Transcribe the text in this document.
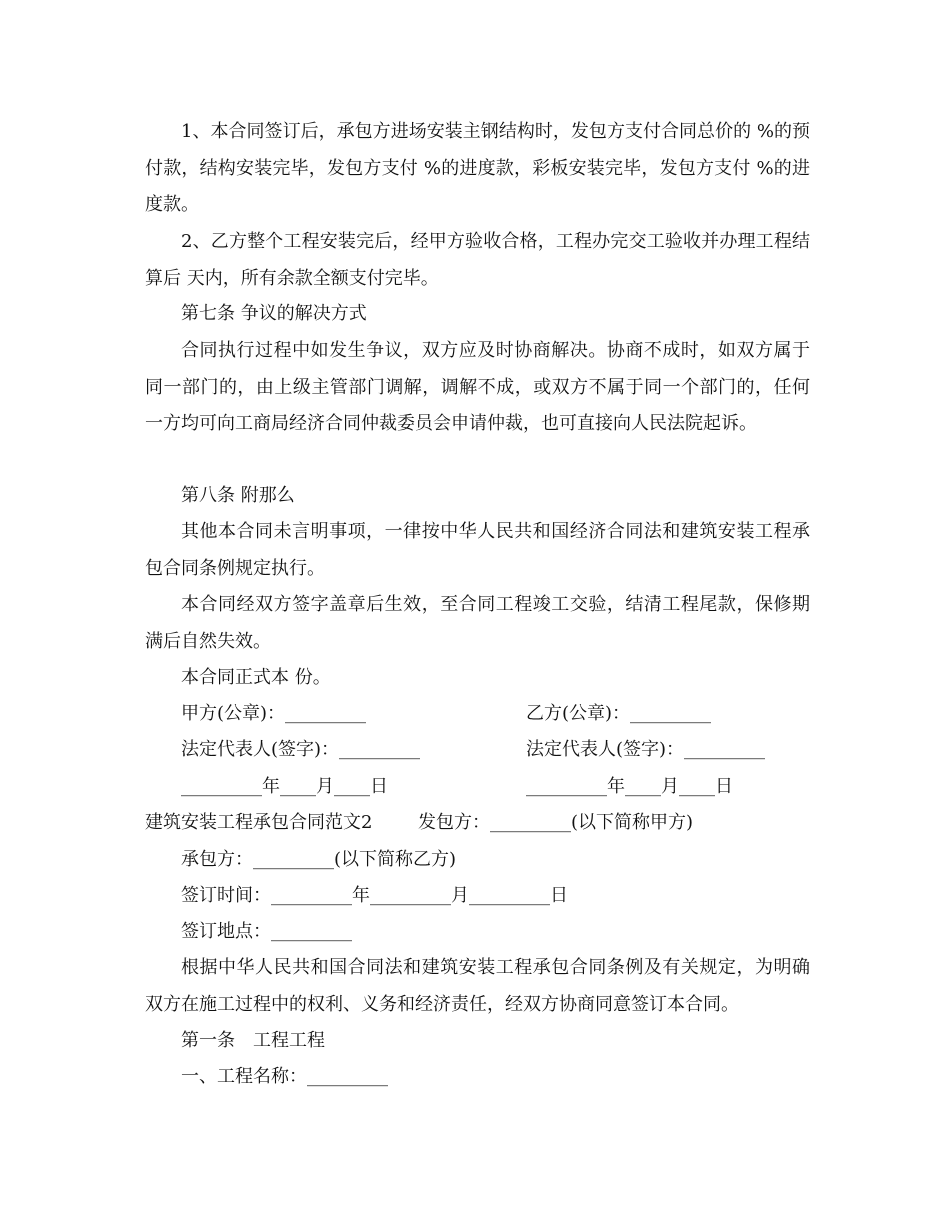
1、本合同签订后，承包方进场安装主钢结构时，发包方支付合同总价的 %的预付款，结构安装完毕，发包方支付 %的进度款，彩板安装完毕，发包方支付 %的进度款。

2、乙方整个工程安装完后，经甲方验收合格，工程办完交工验收并办理工程结算后 天内，所有余款全额支付完毕。

第七条 争议的解决方式

合同执行过程中如发生争议，双方应及时协商解决。协商不成时，如双方属于同一部门的，由上级主管部门调解，调解不成，或双方不属于同一个部门的，任何一方均可向工商局经济合同仲裁委员会申请仲裁，也可直接向人民法院起诉。

第八条 附那么

其他本合同未言明事项，一律按中华人民共和国经济合同法和建筑安装工程承包合同条例规定执行。

本合同经双方签字盖章后生效，至合同工程竣工交验，结清工程尾款，保修期满后自然失效。

本合同正式本 份。

甲方(公章)：_________	乙方(公章)：_________

法定代表人(签字)：_________	法定代表人(签字)：_________

_________年____月____日	_________年____月____日

建筑安装工程承包合同范文2	发包方：_________(以下简称甲方)

承包方：_________(以下简称乙方)

签订时间：_________年_________月_________日

签订地点：_________

根据中华人民共和国合同法和建筑安装工程承包合同条例及有关规定，为明确双方在施工过程中的权利、义务和经济责任，经双方协商同意签订本合同。

第一条　工程工程

一、工程名称：_________
